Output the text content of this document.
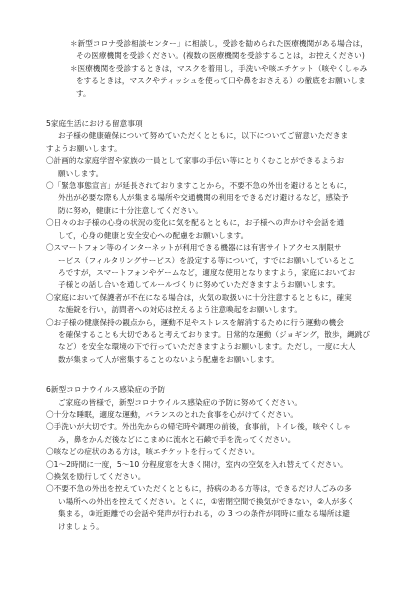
＊新型コロナ受診相談センター」に相談し，受診を勧められた医療機関がある場合は，

その医療機関を受診ください。(複数の医療機関を受診することは，お控えください)

＊医療機関を受診するときは，マスクを着用し，手洗いや咳エチケット（咳やくしゃみ

をするときは，マスクやティッシュを使って口や鼻をおさえる）の徹底をお願いしま

す。

5家庭生活における留意事項

お子様の健康確保について努めていただくとともに，以下についてご留意いただきま

すようお願いします。

〇計画的な家庭学習や家族の一員として家事の手伝い等にとりくむことができるようお

願いします。

〇「緊急事態宣言」が延長されておりますことから，不要不急の外出を避けるとともに，

外出が必要な際も人が集まる場所や交通機関の利用をできるだけ避けるなど，感染予

防に努め，健康に十分注意してください。

〇日々のお子様の心身の状況の変化に気を配るとともに，お子様への声かけや会話を通

して，心身の健康と安全安心への配慮をお願いします。

〇スマートフォン等のインターネットが利用できる機器には有害サイトアクセス制限サ

ービス（フィルタリングサービス）を設定する等について，すでにお願いしているとこ

ろですが，スマートフォンやゲームなど，適度な使用となりますよう，家庭においてお

子様との話し合いを通してルールづくりに努めていただきますようお願いします。

〇家庭において保護者が不在になる場合は，火気の取扱いに十分注意するとともに，確実

な施錠を行い，訪問者への対応は控えるよう注意喚起をお願いします。

〇お子様の健康保持の観点から，運動不足やストレスを解消するために行う運動の機会

を確保することも大切であると考えております。日常的な運動（ジョギング，散歩，縄跳び

など）を安全な環境の下で行っていただきますようお願いします。ただし，一度に大人

数が集まって人が密集することのないよう配慮をお願いします。

6新型コロナウイルス感染症の予防

ご家庭の皆様で，新型コロナウイルス感染症の予防に努めてください。

〇十分な睡眠，適度な運動，バランスのとれた食事を心がけてください。

〇手洗いが大切です。外出先からの帰宅時や調理の前後，食事前，トイレ後，咳やくしゃ

み，鼻をかんだ後などにこまめに流水と石鹸で手を洗ってください。

〇咳などの症状のある方は，咳エチケットを行ってください。

〇1〜2時間に一度，5〜10 分程度窓を大きく開け，室内の空気を入れ替えてください。

〇換気を励行してください。

〇不要不急の外出を控えていただくとともに，持病のある方等は，できるだけ人ごみの多

い場所への外出を控えてください。とくに，①密閉空間で換気ができない，②人が多く

集まる，③近距離での会話や発声が行われる，の 3 つの条件が同時に重なる場所は避

けましょう。
